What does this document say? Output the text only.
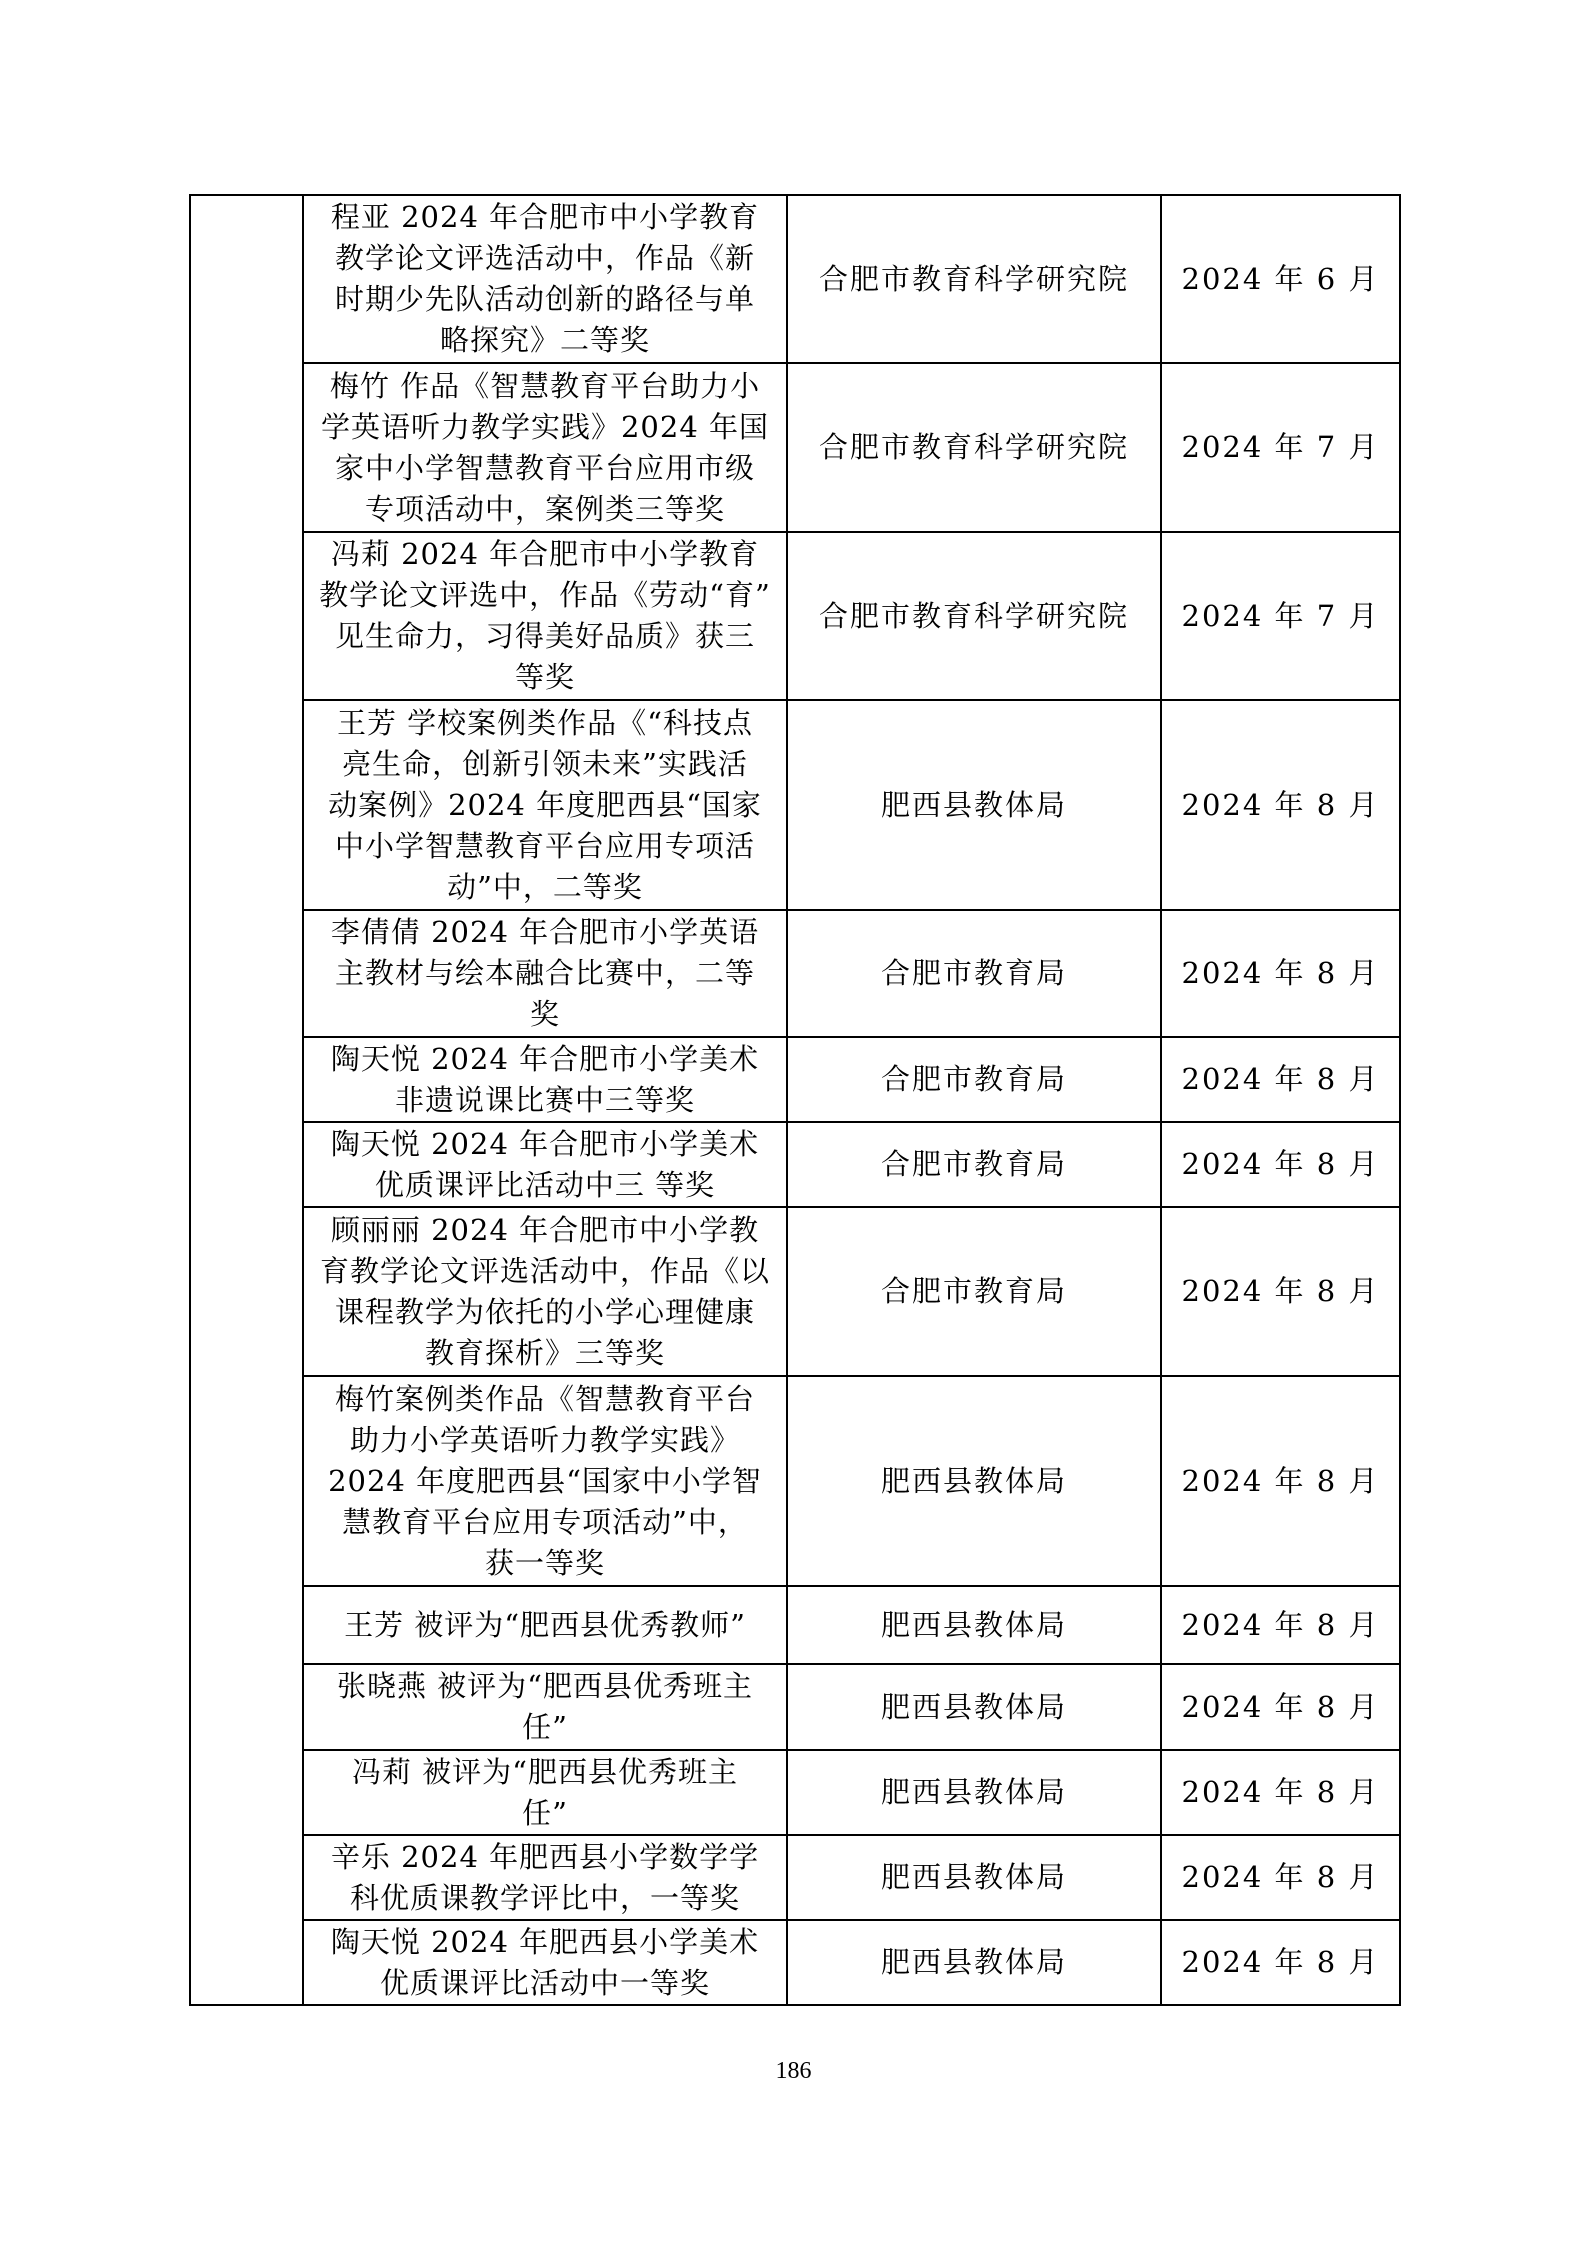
	程亚 2024 年合肥市中小学教育
教学论文评选活动中，作品《新
时期少先队活动创新的路径与单
略探究》二等奖	合肥市教育科学研究院	2024 年 6 月

	梅竹 作品《智慧教育平台助力小
学英语听力教学实践》2024 年国
家中小学智慧教育平台应用市级
专项活动中，案例类三等奖	合肥市教育科学研究院	2024 年 7 月

	冯莉 2024 年合肥市中小学教育
教学论文评选中，作品《劳动“育”
见生命力，习得美好品质》获三
等奖	合肥市教育科学研究院	2024 年 7 月

	王芳 学校案例类作品《“科技点
亮生命，创新引领未来”实践活
动案例》2024 年度肥西县“国家
中小学智慧教育平台应用专项活
动”中，二等奖	肥西县教体局	2024 年 8 月

	李倩倩 2024 年合肥市小学英语
主教材与绘本融合比赛中，二等
奖	合肥市教育局	2024 年 8 月

	陶天悦 2024 年合肥市小学美术
非遗说课比赛中三等奖	合肥市教育局	2024 年 8 月

	陶天悦 2024 年合肥市小学美术
优质课评比活动中三 等奖	合肥市教育局	2024 年 8 月

	顾丽丽 2024 年合肥市中小学教
育教学论文评选活动中，作品《以
课程教学为依托的小学心理健康
教育探析》三等奖	合肥市教育局	2024 年 8 月

	梅竹案例类作品《智慧教育平台
助力小学英语听力教学实践》
2024 年度肥西县“国家中小学智
慧教育平台应用专项活动”中，
获一等奖	肥西县教体局	2024 年 8 月

	王芳 被评为“肥西县优秀教师”	肥西县教体局	2024 年 8 月

	张晓燕 被评为“肥西县优秀班主
任”	肥西县教体局	2024 年 8 月

	冯莉 被评为“肥西县优秀班主
任”	肥西县教体局	2024 年 8 月

	辛乐 2024 年肥西县小学数学学
科优质课教学评比中，一等奖	肥西县教体局	2024 年 8 月

	陶天悦 2024 年肥西县小学美术
优质课评比活动中一等奖	肥西县教体局	2024 年 8 月
186
